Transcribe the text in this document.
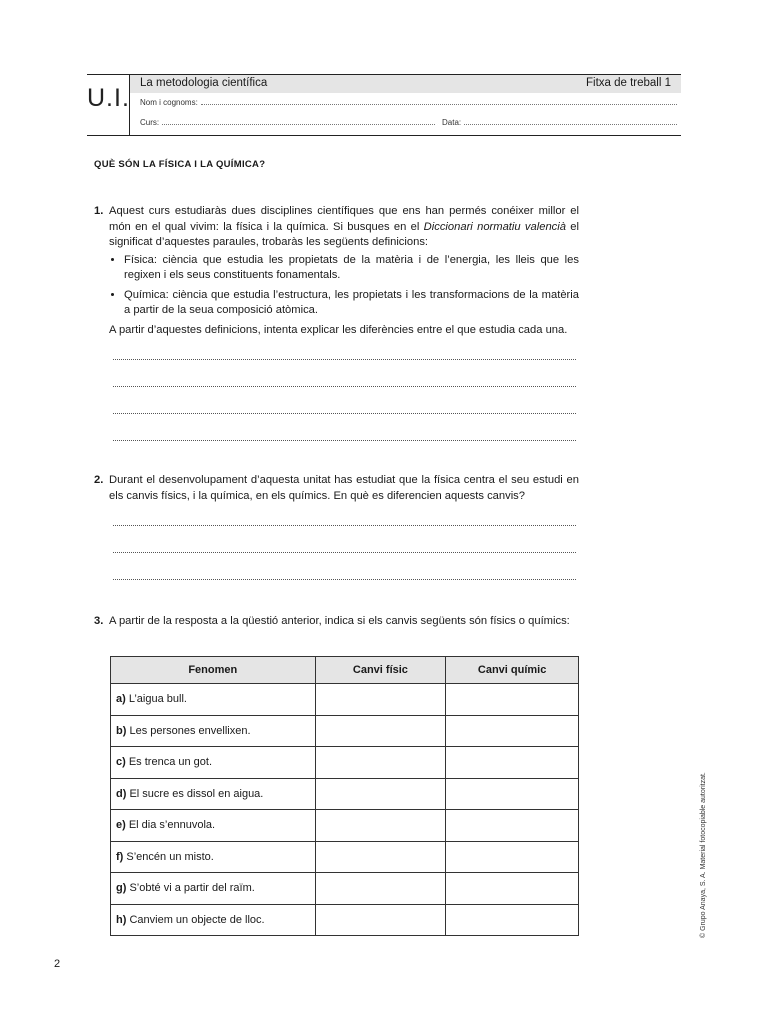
U.I.
La metodologia científica	Fitxa de treball 1
Nom i cognoms:
Curs:	Data:
QUÈ SÓN LA FÍSICA I LA QUÍMICA?
1. Aquest curs estudiaràs dues disciplines científiques que ens han permés conéixer millor el món en el qual vivim: la física i la química. Si busques en el Diccionari normatiu valencià el significat d’aquestes paraules, trobaràs les següents definicions:

• Física: ciència que estudia les propietats de la matèria i de l’energia, les lleis que les regixen i els seus constituents fonamentals.
• Química: ciència que estudia l’estructura, les propietats i les transformacions de la matèria a partir de la seua composició atòmica.

A partir d’aquestes definicions, intenta explicar les diferències entre el que estudia cada una.

2. Durant el desenvolupament d’aquesta unitat has estudiat que la física centra el seu estudi en els canvis físics, i la química, en els químics. En què es diferencien aquests canvis?

3. A partir de la resposta a la qüestió anterior, indica si els canvis següents són físics o químics:

Fenomen	Canvi físic	Canvi químic
a) L’aigua bull.		
b) Les persones envellixen.		
c) Es trenca un got.		
d) El sucre es dissol en aigua.		
e) El dia s’ennuvola.		
f) S’encén un misto.		
g) S’obté vi a partir del raïm.		
h) Canviem un objecte de lloc.			© Grupo Anaya, S. A. Material fotocopiable autoritzat.
2
